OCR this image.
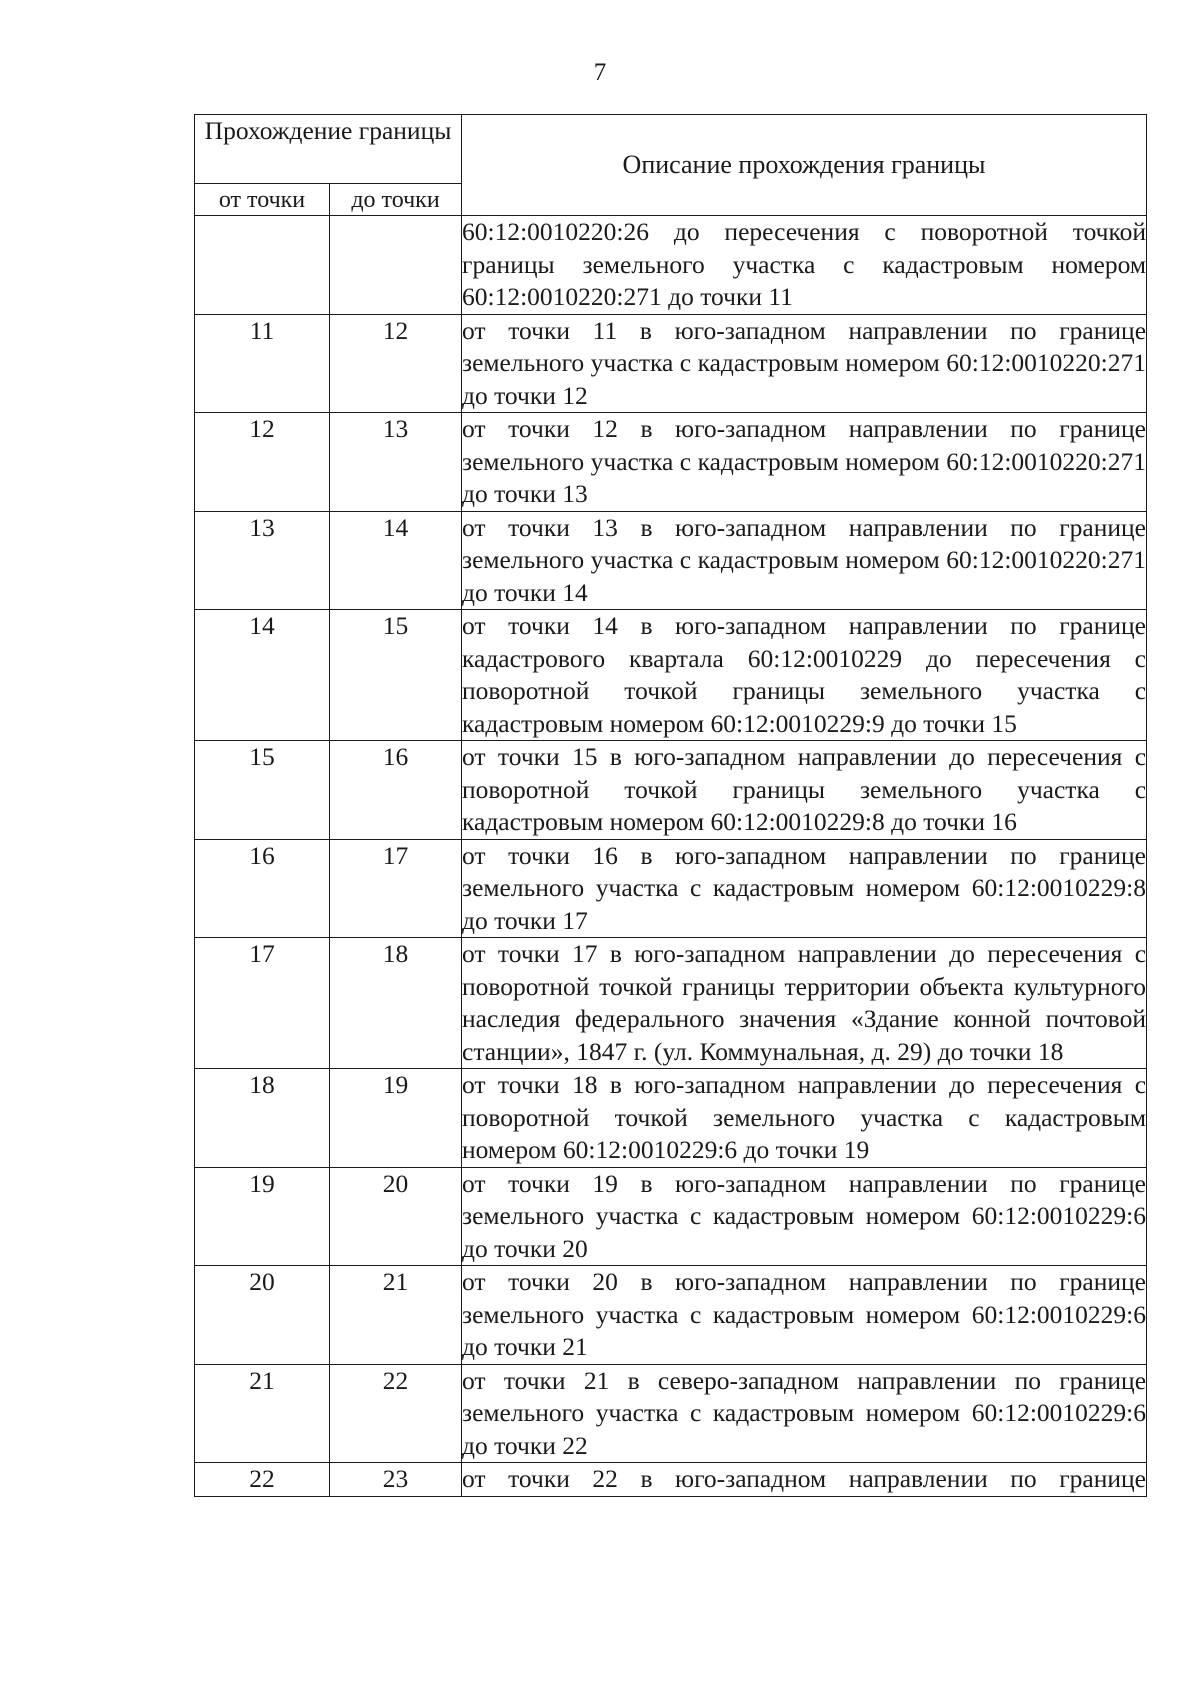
7
Прохождение границы		Описание прохождения границы
от точки	до точки	
		60:12:0010220:26 до пересечения с поворотной точкой границы земельного участка с кадастровым номером 60:12:0010220:271 до точки 11
11	12	от точки 11 в юго-западном направлении по границе земельного участка с кадастровым номером 60:12:0010220:271 до точки 12
12	13	от точки 12 в юго-западном направлении по границе земельного участка с кадастровым номером 60:12:0010220:271 до точки 13
13	14	от точки 13 в юго-западном направлении по границе земельного участка с кадастровым номером 60:12:0010220:271 до точки 14
14	15	от точки 14 в юго-западном направлении по границе кадастрового квартала 60:12:0010229 до пересечения с поворотной точкой границы земельного участка с кадастровым номером 60:12:0010229:9 до точки 15
15	16	от точки 15 в юго-западном направлении до пересечения с поворотной точкой границы земельного участка с кадастровым номером 60:12:0010229:8 до точки 16
16	17	от точки 16 в юго-западном направлении по границе земельного участка с кадастровым номером 60:12:0010229:8 до точки 17
17	18	от точки 17 в юго-западном направлении до пересечения с поворотной точкой границы территории объекта культурного наследия федерального значения «Здание конной почтовой станции», 1847 г. (ул. Коммунальная, д. 29) до точки 18
18	19	от точки 18 в юго-западном направлении до пересечения с поворотной точкой земельного участка с кадастровым номером 60:12:0010229:6 до точки 19
19	20	от точки 19 в юго-западном направлении по границе земельного участка с кадастровым номером 60:12:0010229:6 до точки 20
20	21	от точки 20 в юго-западном направлении по границе земельного участка с кадастровым номером 60:12:0010229:6 до точки 21
21	22	от точки 21 в северо-западном направлении по границе земельного участка с кадастровым номером 60:12:0010229:6 до точки 22
22	23	от точки 22 в юго-западном направлении по границе
